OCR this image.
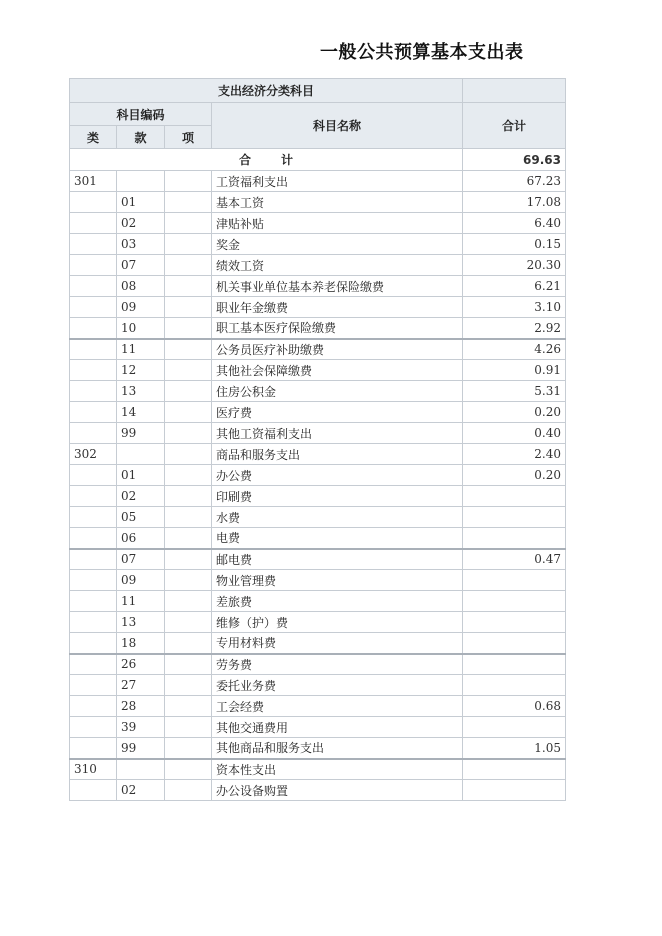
一般公共预算基本支出表
支出经济分类科目				
科目编码			科目名称	合计
类	款	项		
合 计				69.63
301			工资福利支出	67.23
	01		基本工资	17.08
	02		津贴补贴	6.40
	03		奖金	0.15
	07		绩效工资	20.30
	08		机关事业单位基本养老保险缴费	6.21
	09		职业年金缴费	3.10
	10		职工基本医疗保险缴费	2.92
	11		公务员医疗补助缴费	4.26
	12		其他社会保障缴费	0.91
	13		住房公积金	5.31
	14		医疗费	0.20
	99		其他工资福利支出	0.40
302			商品和服务支出	2.40
	01		办公费	0.20
	02		印刷费	
	05		水费	
	06		电费	
	07		邮电费	0.47
	09		物业管理费	
	11		差旅费	
	13		维修（护）费	
	18		专用材料费	
	26		劳务费	
	27		委托业务费	
	28		工会经费	0.68
	39		其他交通费用	
	99		其他商品和服务支出	1.05
310			资本性支出	
	02		办公设备购置	
